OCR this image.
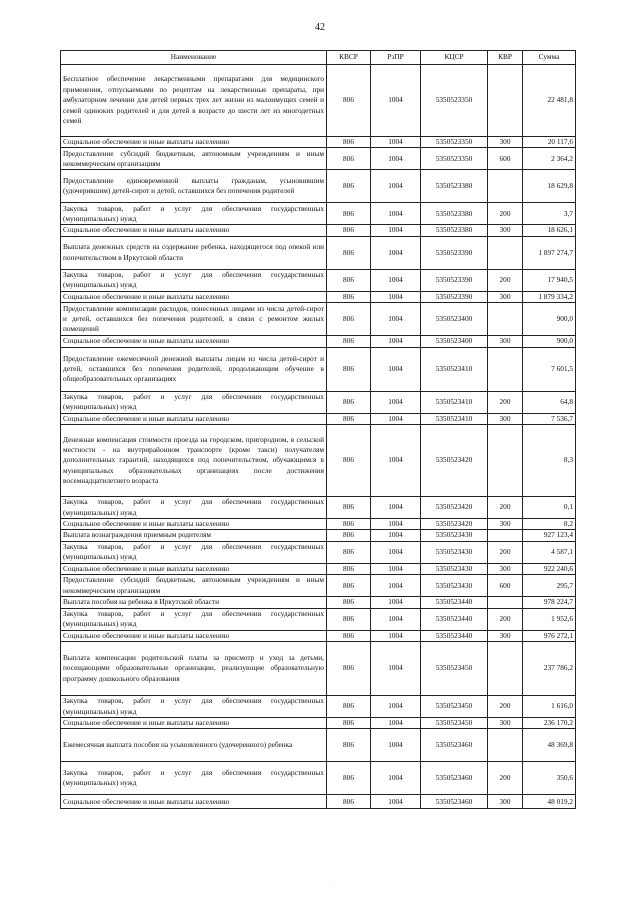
42
Наименование	КВСР	РзПР	КЦСР	КВР	Сумма
Бесплатное обеспечение лекарственными препаратами для медицинского применения, отпускаемыми по рецептам на лекарственные препараты, при амбулаторном лечении для детей первых трех лет жизни из малоимущих семей и семей одиноких родителей и для детей в возрасте до шести лет из многодетных семей	806	1004	5350523350		22 481,8
Социальное обеспечение и иные выплаты населению	806	1004	5350523350	300	20 117,6
Предоставление субсидий бюджетным, автономным учреждениям и иным некоммерческим организациям	806	1004	5350523350	600	2 364,2
Предоставление единовременной выплаты гражданам, усыновившим (удочерившим) детей-сирот и детей, оставшихся без попечения родителей	806	1004	5350523380		18 629,8
Закупка товаров, работ и услуг для обеспечения государственных (муниципальных) нужд	806	1004	5350523380	200	3,7
Социальное обеспечение и иные выплаты населению	806	1004	5350523380	300	18 626,1
Выплата денежных средств на содержание ребенка, находящегося под опекой или попечительством в Иркутской области	806	1004	5350523390		1 897 274,7
Закупка товаров, работ и услуг для обеспечения государственных (муниципальных) нужд	806	1004	5350523390	200	17 940,5
Социальное обеспечение и иные выплаты населению	806	1004	5350523390	300	1 879 334,2
Предоставление компенсации расходов, понесенных лицами из числа детей-сирот и детей, оставшихся без попечения родителей, в связи с ремонтом жилых помещений	806	1004	5350523400		900,0
Социальное обеспечение и иные выплаты населению	806	1004	5350523400	300	900,0
Предоставление ежемесячной денежной выплаты лицам из числа детей-сирот и детей, оставшихся без попечения родителей, продолжающим обучение в общеобразовательных организациях	806	1004	5350523410		7 601,5
Закупка товаров, работ и услуг для обеспечения государственных (муниципальных) нужд	806	1004	5350523410	200	64,8
Социальное обеспечение и иные выплаты населению	806	1004	5350523410	300	7 536,7
Денежная компенсация стоимости проезда на городском, пригородном, в сельской местности - на внутрирайонном транспорте (кроме такси) получателям дополнительных гарантий, находящихся под попечительством, обучающимся в муниципальных образовательных организациях после достижения восемнадцатилетнего возраста	806	1004	5350523420		8,3
Закупка товаров, работ и услуг для обеспечения государственных (муниципальных) нужд	806	1004	5350523420	200	0,1
Социальное обеспечение и иные выплаты населению	806	1004	5350523420	300	8,2
Выплата вознаграждения приемным родителям	806	1004	5350523430		927 123,4
Закупка товаров, работ и услуг для обеспечения государственных (муниципальных) нужд	806	1004	5350523430	200	4 587,1
Социальное обеспечение и иные выплаты населению	806	1004	5350523430	300	922 240,6
Предоставление субсидий бюджетным, автономным учреждениям и иным некоммерческим организациям	806	1004	5350523430	600	295,7
Выплата пособия на ребенка в Иркутской области	806	1004	5350523440		978 224,7
Закупка товаров, работ и услуг для обеспечения государственных (муниципальных) нужд	806	1004	5350523440	200	1 952,6
Социальное обеспечение и иные выплаты населению	806	1004	5350523440	300	976 272,1
Выплата компенсации родительской платы за присмотр и уход за детьми, посещающими образовательные организации, реализующие образовательную программу дошкольного образования	806	1004	5350523450		237 786,2
Закупка товаров, работ и услуг для обеспечения государственных (муниципальных) нужд	806	1004	5350523450	200	1 616,0
Социальное обеспечение и иные выплаты населению	806	1004	5350523450	300	236 170,2
Ежемесячная выплата пособия на усыновленного (удочеренного) ребенка	806	1004	5350523460		48 369,8
Закупка товаров, работ и услуг для обеспечения государственных (муниципальных) нужд	806	1004	5350523460	200	350,6
Социальное обеспечение и иные выплаты населению	806	1004	5350523460	300	48 019,2
·
